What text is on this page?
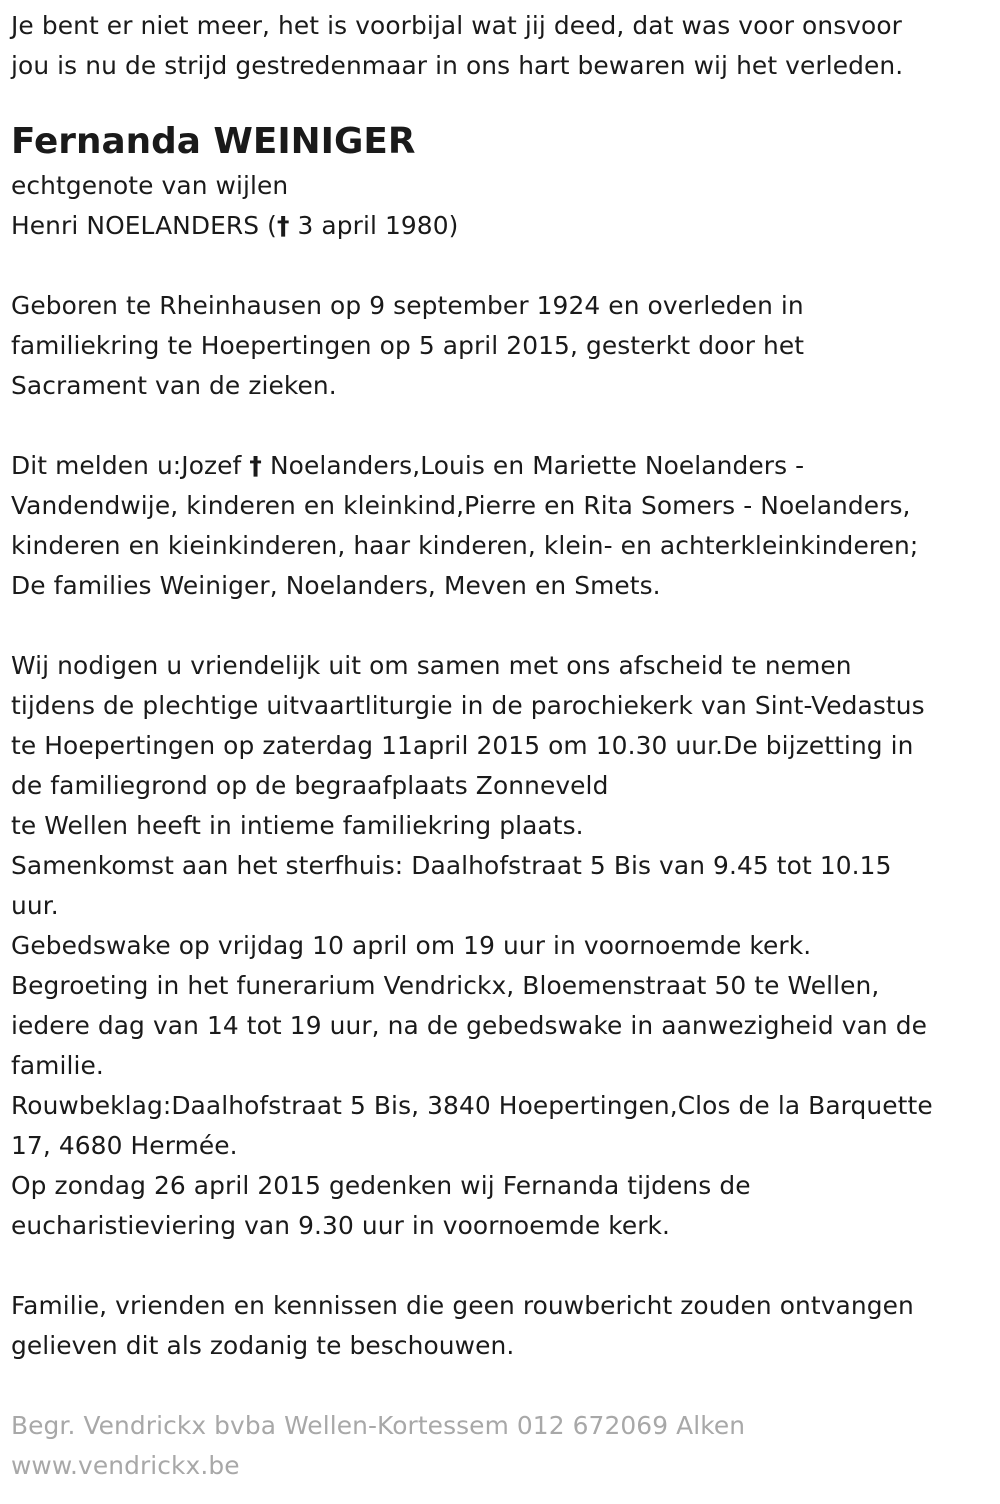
Je bent er niet meer, het is voorbijal wat jij deed, dat was voor onsvoor
jou is nu de strijd gestredenmaar in ons hart bewaren wij het verleden.
Fernanda WEINIGER
echtgenote van wijlen
Henri NOELANDERS († 3 april 1980)
Geboren te Rheinhausen op 9 september 1924 en overleden in
familiekring te Hoepertingen op 5 april 2015, gesterkt door het
Sacrament van de zieken.
Dit melden u:Jozef † Noelanders,Louis en Mariette Noelanders -
Vandendwije, kinderen en kleinkind,Pierre en Rita Somers - Noelanders,
kinderen en kieinkinderen, haar kinderen, klein- en achterkleinkinderen;
De families Weiniger, Noelanders, Meven en Smets.
Wij nodigen u vriendelijk uit om samen met ons afscheid te nemen
tijdens de plechtige uitvaartliturgie in de parochiekerk van Sint-Vedastus
te Hoepertingen op zaterdag 11april 2015 om 10.30 uur.De bijzetting in
de familiegrond op de begraafplaats Zonneveld
te Wellen heeft in intieme familiekring plaats.
Samenkomst aan het sterfhuis: Daalhofstraat 5 Bis van 9.45 tot 10.15
uur.
Gebedswake op vrijdag 10 april om 19 uur in voornoemde kerk.
Begroeting in het funerarium Vendrickx, Bloemenstraat 50 te Wellen,
iedere dag van 14 tot 19 uur, na de gebedswake in aanwezigheid van de
familie.
Rouwbeklag:Daalhofstraat 5 Bis, 3840 Hoepertingen,Clos de la Barquette
17, 4680 Hermée.
Op zondag 26 april 2015 gedenken wij Fernanda tijdens de
eucharistieviering van 9.30 uur in voornoemde kerk.
Familie, vrienden en kennissen die geen rouwbericht zouden ontvangen
gelieven dit als zodanig te beschouwen.
Begr. Vendrickx bvba Wellen-Kortessem 012 672069 Alken
www.vendrickx.be
